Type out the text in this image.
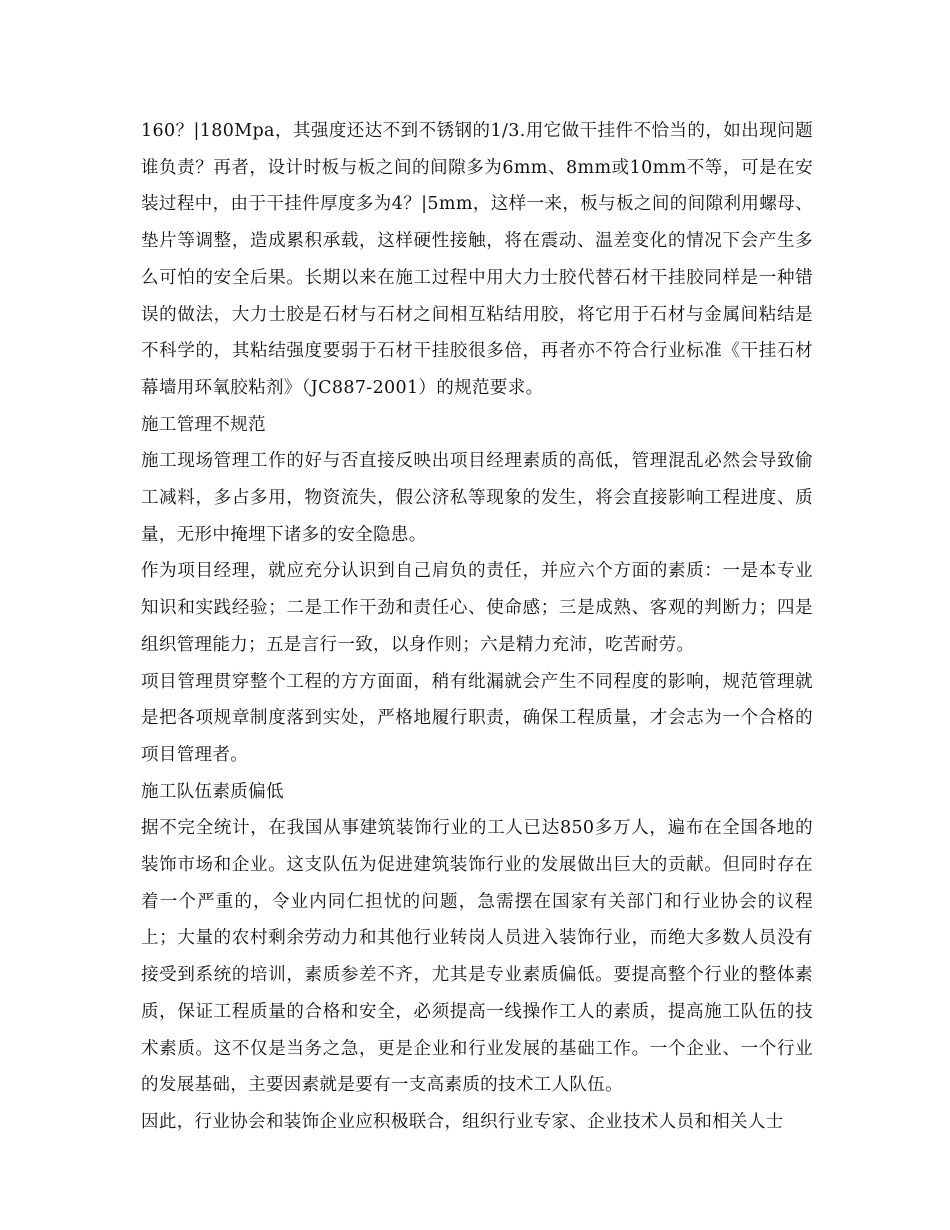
160？|180Mpa，其强度还达不到不锈钢的1/3.用它做干挂件不恰当的，如出现问题谁负责？再者，设计时板与板之间的间隙多为6mm、8mm或10mm不等，可是在安装过程中，由于干挂件厚度多为4？|5mm，这样一来，板与板之间的间隙利用螺母、垫片等调整，造成累积承载，这样硬性接触，将在震动、温差变化的情况下会产生多么可怕的安全后果。长期以来在施工过程中用大力士胶代替石材干挂胶同样是一种错误的做法，大力士胶是石材与石材之间相互粘结用胶，将它用于石材与金属间粘结是不科学的，其粘结强度要弱于石材干挂胶很多倍，再者亦不符合行业标准《干挂石材幕墙用环氧胶粘剂》（JC887-2001）的规范要求。

施工管理不规范

施工现场管理工作的好与否直接反映出项目经理素质的高低，管理混乱必然会导致偷工减料，多占多用，物资流失，假公济私等现象的发生，将会直接影响工程进度、质量，无形中掩埋下诸多的安全隐患。

作为项目经理，就应充分认识到自己肩负的责任，并应六个方面的素质：一是本专业知识和实践经验；二是工作干劲和责任心、使命感；三是成熟、客观的判断力；四是组织管理能力；五是言行一致，以身作则；六是精力充沛，吃苦耐劳。

项目管理贯穿整个工程的方方面面，稍有纰漏就会产生不同程度的影响，规范管理就是把各项规章制度落到实处，严格地履行职责，确保工程质量，才会志为一个合格的项目管理者。

施工队伍素质偏低

据不完全统计，在我国从事建筑装饰行业的工人已达850多万人，遍布在全国各地的装饰市场和企业。这支队伍为促进建筑装饰行业的发展做出巨大的贡献。但同时存在着一个严重的，令业内同仁担忧的问题，急需摆在国家有关部门和行业协会的议程上；大量的农村剩余劳动力和其他行业转岗人员进入装饰行业，而绝大多数人员没有接受到系统的培训，素质参差不齐，尤其是专业素质偏低。要提高整个行业的整体素质，保证工程质量的合格和安全，必须提高一线操作工人的素质，提高施工队伍的技术素质。这不仅是当务之急，更是企业和行业发展的基础工作。一个企业、一个行业的发展基础，主要因素就是要有一支高素质的技术工人队伍。

因此，行业协会和装饰企业应积极联合，组织行业专家、企业技术人员和相关人士
